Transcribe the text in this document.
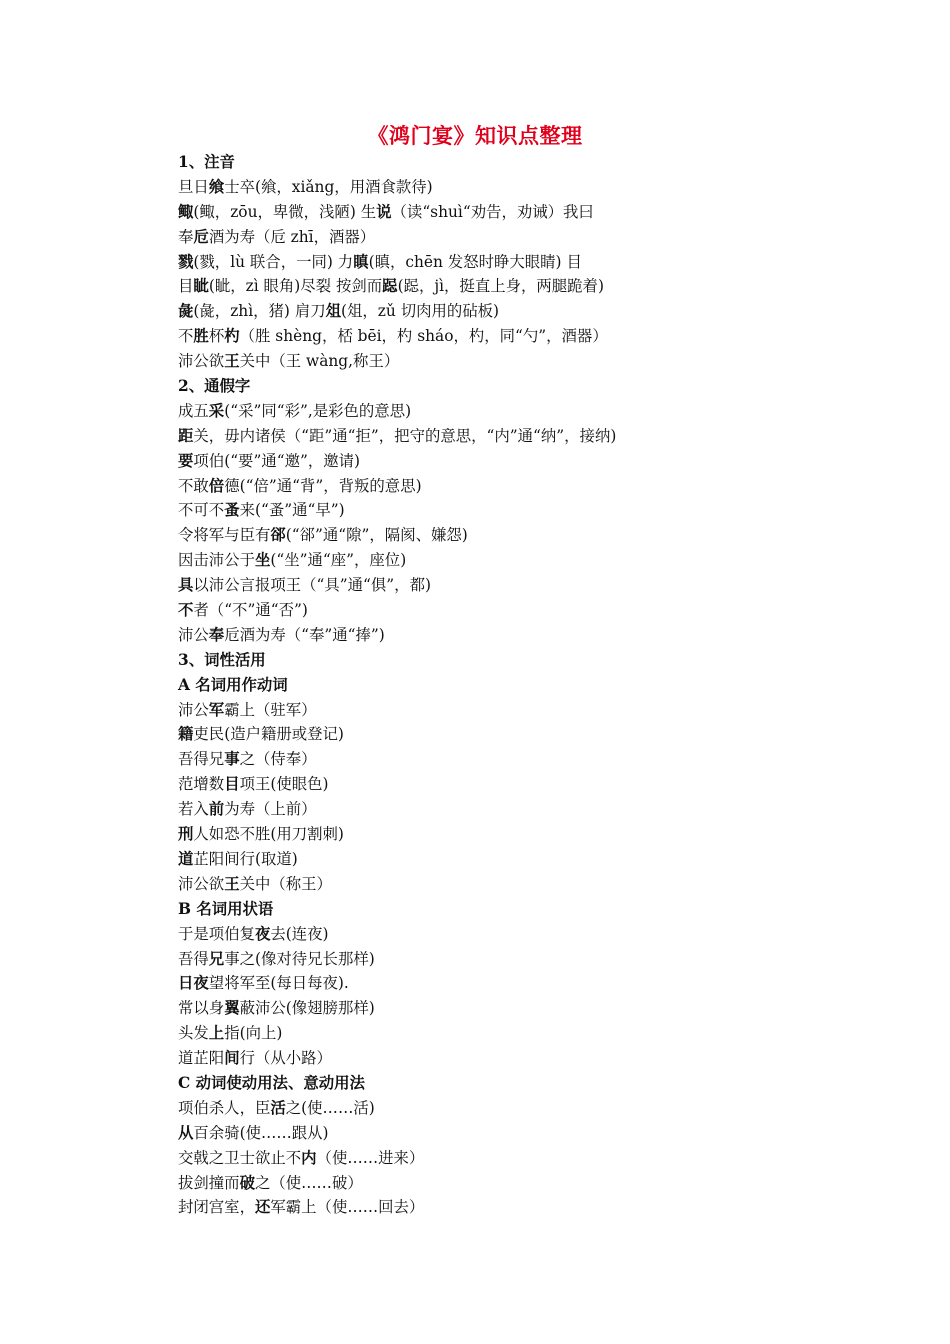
《鸿门宴》知识点整理
1、注音
旦日飨士卒(飨，xiǎng，用酒食款待)
鲰(鲰，zōu，卑微，浅陋) 生说（读“shuì“劝告，劝诫）我曰
奉卮酒为寿（卮 zhī，酒器）
戮(戮，lù 联合，一同) 力瞋(瞋，chēn 发怒时睁大眼睛) 目
目眦(眦，zì 眼角)尽裂 按剑而跽(跽，jì，挺直上身，两腿跪着)
彘(彘，zhì，猪) 肩刀俎(俎，zǔ 切肉用的砧板)
不胜杯杓（胜 shèng，桮 bēi，杓 sháo，杓，同“勺”，酒器）
沛公欲王关中（王 wàng,称王）
2、通假字
成五采(“采”同“彩”,是彩色的意思)
距关，毋内诸侯（“距”通“拒”，把守的意思，“内”通“纳”，接纳)
要项伯(“要”通“邀”，邀请)
不敢倍德(“倍”通“背”，背叛的意思)
不可不蚤来(“蚤”通“早”)
令将军与臣有郤(“郤”通“隙”，隔阂、嫌怨)
因击沛公于坐(“坐”通“座”，座位)
具以沛公言报项王（“具”通“俱”，都)
不者（“不”通“否”)
沛公奉卮酒为寿（“奉”通“捧”)
3、词性活用
A 名词用作动词
沛公军霸上（驻军）
籍吏民(造户籍册或登记)
吾得兄事之（侍奉）
范增数目项王(使眼色)
若入前为寿（上前）
刑人如恐不胜(用刀割刺)
道芷阳间行(取道)
沛公欲王关中（称王）
B 名词用状语
于是项伯复夜去(连夜)
吾得兄事之(像对待兄长那样)
日夜望将军至(每日每夜).
常以身翼蔽沛公(像翅膀那样)
头发上指(向上)
道芷阳间行（从小路）
C 动词使动用法、意动用法
项伯杀人，臣活之(使……活)
从百余骑(使……跟从)
交戟之卫士欲止不内（使……进来）
拔剑撞而破之（使……破）
封闭宫室，还军霸上（使……回去）
